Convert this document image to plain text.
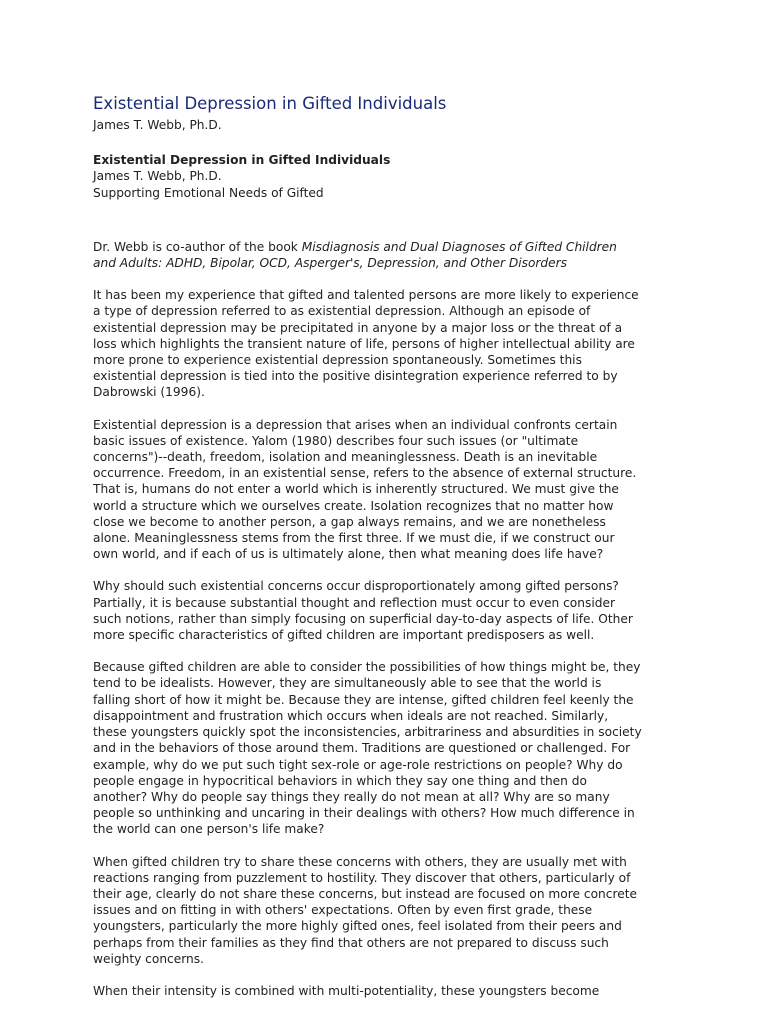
Existential Depression in Gifted Individuals

James T. Webb, Ph.D.

Existential Depression in Gifted Individuals

James T. Webb, Ph.D.

Supporting Emotional Needs of Gifted

Dr. Webb is co-author of the book Misdiagnosis and Dual Diagnoses of Gifted Children

and Adults: ADHD, Bipolar, OCD, Asperger's, Depression, and Other Disorders

It has been my experience that gifted and talented persons are more likely to experience

a type of depression referred to as existential depression. Although an episode of

existential depression may be precipitated in anyone by a major loss or the threat of a

loss which highlights the transient nature of life, persons of higher intellectual ability are

more prone to experience existential depression spontaneously. Sometimes this

existential depression is tied into the positive disintegration experience referred to by

Dabrowski (1996).

Existential depression is a depression that arises when an individual confronts certain

basic issues of existence. Yalom (1980) describes four such issues (or "ultimate

concerns")--death, freedom, isolation and meaninglessness. Death is an inevitable

occurrence. Freedom, in an existential sense, refers to the absence of external structure.

That is, humans do not enter a world which is inherently structured. We must give the

world a structure which we ourselves create. Isolation recognizes that no matter how

close we become to another person, a gap always remains, and we are nonetheless

alone. Meaninglessness stems from the first three. If we must die, if we construct our

own world, and if each of us is ultimately alone, then what meaning does life have?

Why should such existential concerns occur disproportionately among gifted persons?

Partially, it is because substantial thought and reflection must occur to even consider

such notions, rather than simply focusing on superficial day-to-day aspects of life. Other

more specific characteristics of gifted children are important predisposers as well.

Because gifted children are able to consider the possibilities of how things might be, they

tend to be idealists. However, they are simultaneously able to see that the world is

falling short of how it might be. Because they are intense, gifted children feel keenly the

disappointment and frustration which occurs when ideals are not reached. Similarly,

these youngsters quickly spot the inconsistencies, arbitrariness and absurdities in society

and in the behaviors of those around them. Traditions are questioned or challenged. For

example, why do we put such tight sex-role or age-role restrictions on people? Why do

people engage in hypocritical behaviors in which they say one thing and then do

another? Why do people say things they really do not mean at all? Why are so many

people so unthinking and uncaring in their dealings with others? How much difference in

the world can one person's life make?

When gifted children try to share these concerns with others, they are usually met with

reactions ranging from puzzlement to hostility. They discover that others, particularly of

their age, clearly do not share these concerns, but instead are focused on more concrete

issues and on fitting in with others' expectations. Often by even first grade, these

youngsters, particularly the more highly gifted ones, feel isolated from their peers and

perhaps from their families as they find that others are not prepared to discuss such

weighty concerns.

When their intensity is combined with multi-potentiality, these youngsters become
